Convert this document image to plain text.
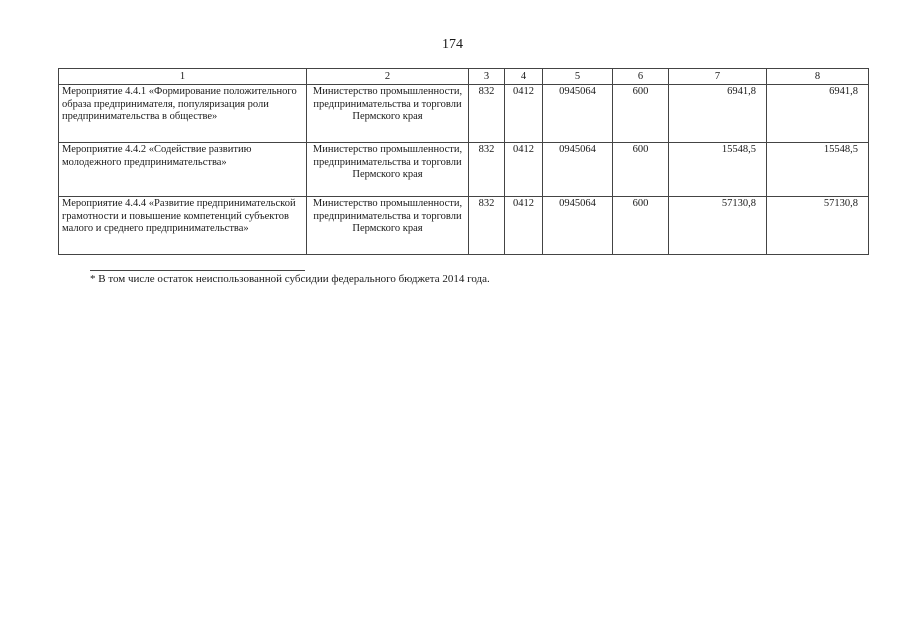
174
1	2	3	4	5	6	7	8
Мероприятие 4.4.1 «Формирование положительного образа предпринимателя, популяризация роли предпринимательства в обществе»	Министерство промышленности, предпринимательства и торговли Пермского края	832	0412	0945064	600	6941,8	6941,8
Мероприятие 4.4.2 «Содействие развитию молодежного предпринимательства»	Министерство промышленности, предпринимательства и торговли Пермского края	832	0412	0945064	600	15548,5	15548,5
Мероприятие 4.4.4 «Развитие предпринимательской грамотности и повышение компетенций субъектов малого и среднего предпринимательства»	Министерство промышленности, предпринимательства и торговли Пермского края	832	0412	0945064	600	57130,8	57130,8
* В том числе остаток неиспользованной субсидии федерального бюджета 2014 года.
